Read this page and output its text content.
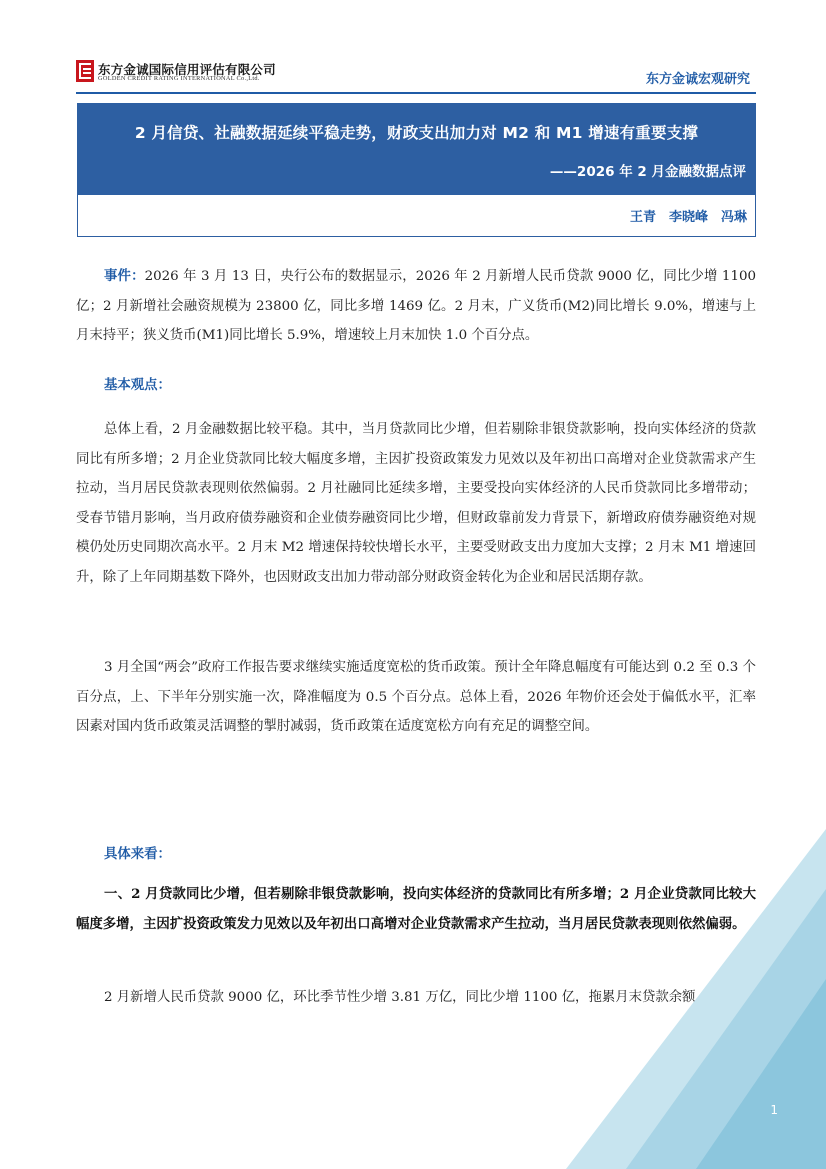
东方金诚国际信用评估有限公司
GOLDEN CREDIT RATING INTERNATIONAL Co.,Ltd.	东方金诚宏观研究
2 月信贷、社融数据延续平稳走势，财政支出加力对 M2 和 M1 增速有重要支撑
——2026 年 2 月金融数据点评
王青　李晓峰　冯琳

事件：2026 年 3 月 13 日，央行公布的数据显示，2026 年 2 月新增人民币贷款 9000 亿，同比少增 1100 亿；2 月新增社会融资规模为 23800 亿，同比多增 1469 亿。2 月末，广义货币(M2)同比增长 9.0%，增速与上月末持平；狭义货币(M1)同比增长 5.9%，增速较上月末加快 1.0 个百分点。

基本观点：

总体上看，2 月金融数据比较平稳。其中，当月贷款同比少增，但若剔除非银贷款影响，投向实体经济的贷款同比有所多增；2 月企业贷款同比较大幅度多增，主因扩投资政策发力见效以及年初出口高增对企业贷款需求产生拉动，当月居民贷款表现则依然偏弱。2 月社融同比延续多增，主要受投向实体经济的人民币贷款同比多增带动；受春节错月影响，当月政府债券融资和企业债券融资同比少增，但财政靠前发力背景下，新增政府债券融资绝对规模仍处历史同期次高水平。2 月末 M2 增速保持较快增长水平，主要受财政支出力度加大支撑；2 月末 M1 增速回升，除了上年同期基数下降外，也因财政支出加力带动部分财政资金转化为企业和居民活期存款。

3 月全国“两会”政府工作报告要求继续实施适度宽松的货币政策。预计全年降息幅度有可能达到 0.2 至 0.3 个百分点，上、下半年分别实施一次，降准幅度为 0.5 个百分点。总体上看，2026 年物价还会处于偏低水平，汇率因素对国内货币政策灵活调整的掣肘减弱，货币政策在适度宽松方向有充足的调整空间。

具体来看：

一、2 月贷款同比少增，但若剔除非银贷款影响，投向实体经济的贷款同比有所多增；2 月企业贷款同比较大幅度多增，主因扩投资政策发力见效以及年初出口高增对企业贷款需求产生拉动，当月居民贷款表现则依然偏弱。

2 月新增人民币贷款 9000 亿，环比季节性少增 3.81 万亿，同比少增 1100 亿，拖累月末贷款余额

1
